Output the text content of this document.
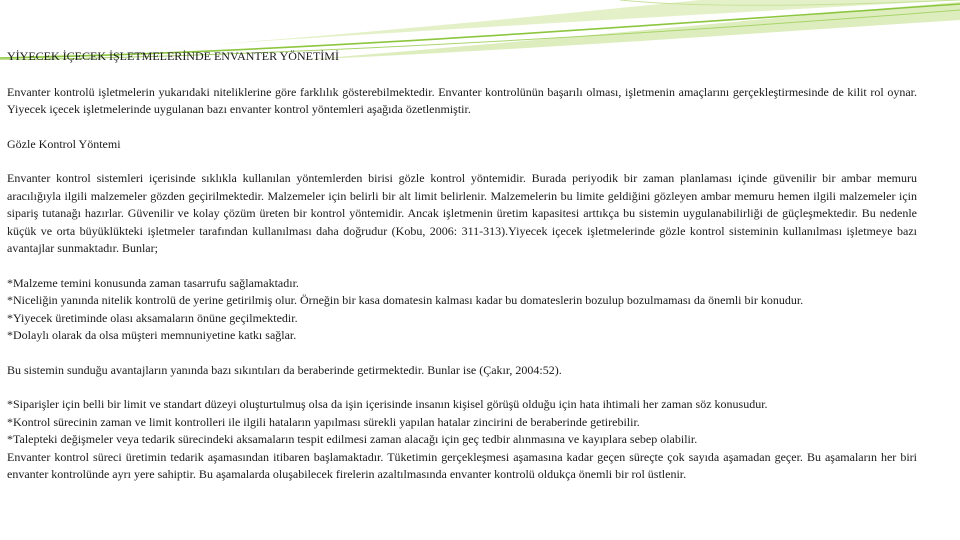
YİYECEK İÇECEK İŞLETMELERİNDE ENVANTER YÖNETİMİ

Envanter kontrolü işletmelerin yukarıdaki niteliklerine göre farklılık gösterebilmektedir. Envanter kontrolünün başarılı olması, işletmenin amaçlarını gerçekleştirmesinde de kilit rol oynar. Yiyecek içecek işletmelerinde uygulanan bazı envanter kontrol yöntemleri aşağıda özetlenmiştir.

Gözle Kontrol Yöntemi

Envanter kontrol sistemleri içerisinde sıklıkla kullanılan yöntemlerden birisi gözle kontrol yöntemidir. Burada periyodik bir zaman planlaması içinde güvenilir bir ambar memuru aracılığıyla ilgili malzemeler gözden geçirilmektedir. Malzemeler için belirli bir alt limit belirlenir. Malzemelerin bu limite geldiğini gözleyen ambar memuru hemen ilgili malzemeler için sipariş tutanağı hazırlar. Güvenilir ve kolay çözüm üreten bir kontrol yöntemidir. Ancak işletmenin üretim kapasitesi arttıkça bu sistemin uygulanabilirliği de güçleşmektedir. Bu nedenle küçük ve orta büyüklükteki işletmeler tarafından kullanılması daha doğrudur (Kobu, 2006: 311-313).Yiyecek içecek işletmelerinde gözle kontrol sisteminin kullanılması işletmeye bazı avantajlar sunmaktadır. Bunlar;

*Malzeme temini konusunda zaman tasarrufu sağlamaktadır.

*Niceliğin yanında nitelik kontrolü de yerine getirilmiş olur. Örneğin bir kasa domatesin kalması kadar bu domateslerin bozulup bozulmaması da önemli bir konudur.

*Yiyecek üretiminde olası aksamaların önüne geçilmektedir.

*Dolaylı olarak da olsa müşteri memnuniyetine katkı sağlar.

Bu sistemin sunduğu avantajların yanında bazı sıkıntıları da beraberinde getirmektedir. Bunlar ise (Çakır, 2004:52).

*Siparişler için belli bir limit ve standart düzeyi oluşturtulmuş olsa da işin içerisinde insanın kişisel görüşü olduğu için hata ihtimali her zaman söz konusudur.

*Kontrol sürecinin zaman ve limit kontrolleri ile ilgili hataların yapılması sürekli yapılan hatalar zincirini de beraberinde getirebilir.

*Talepteki değişmeler veya tedarik sürecindeki aksamaların tespit edilmesi zaman alacağı için geç tedbir alınmasına ve kayıplara sebep olabilir.

Envanter kontrol süreci üretimin tedarik aşamasından itibaren başlamaktadır. Tüketimin gerçekleşmesi aşamasına kadar geçen süreçte çok sayıda aşamadan geçer. Bu aşamaların her biri envanter kontrolünde ayrı yere sahiptir. Bu aşamalarda oluşabilecek firelerin azaltılmasında envanter kontrolü oldukça önemli bir rol üstlenir.
